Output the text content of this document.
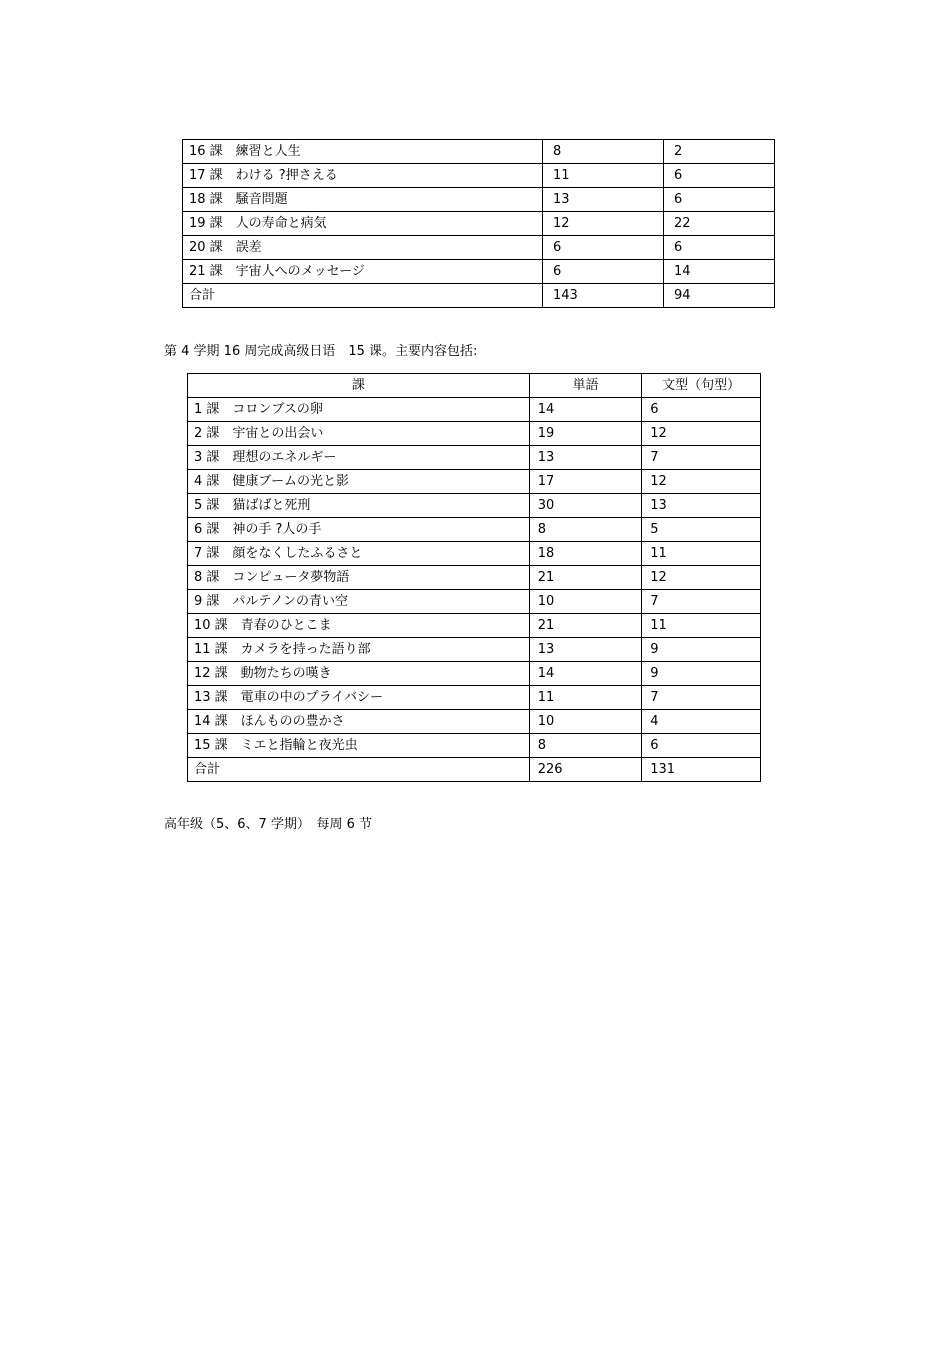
16 課　練習と人生	8	2
17 課　わける ?押さえる	11	6
18 課　騒音問題	13	6
19 課　人の寿命と病気	12	22
20 課　誤差	6	6
21 課　宇宙人へのメッセージ	6	14
合計	143	94
第 4 学期 16 周完成高级日语　15 课。主要内容包括:
課	単語	文型（句型）
1 課　コロンブスの卵	14	6
2 課　宇宙との出会い	19	12
3 課　理想のエネルギー	13	7
4 課　健康ブームの光と影	17	12
5 課　猫ばばと死刑	30	13
6 課　神の手 ?人の手	8	5
7 課　顔をなくしたふるさと	18	11
8 課　コンピュータ夢物語	21	12
9 課　パルテノンの青い空	10	7
10 課　青春のひとこま	21	11
11 課　カメラを持った語り部	13	9
12 課　動物たちの嘆き	14	9
13 課　電車の中のプライバシー	11	7
14 課　ほんものの豊かさ	10	4
15 課　ミエと指輪と夜光虫	8	6
合計	226	131
高年级（5、6、7 学期）　每周 6 节
